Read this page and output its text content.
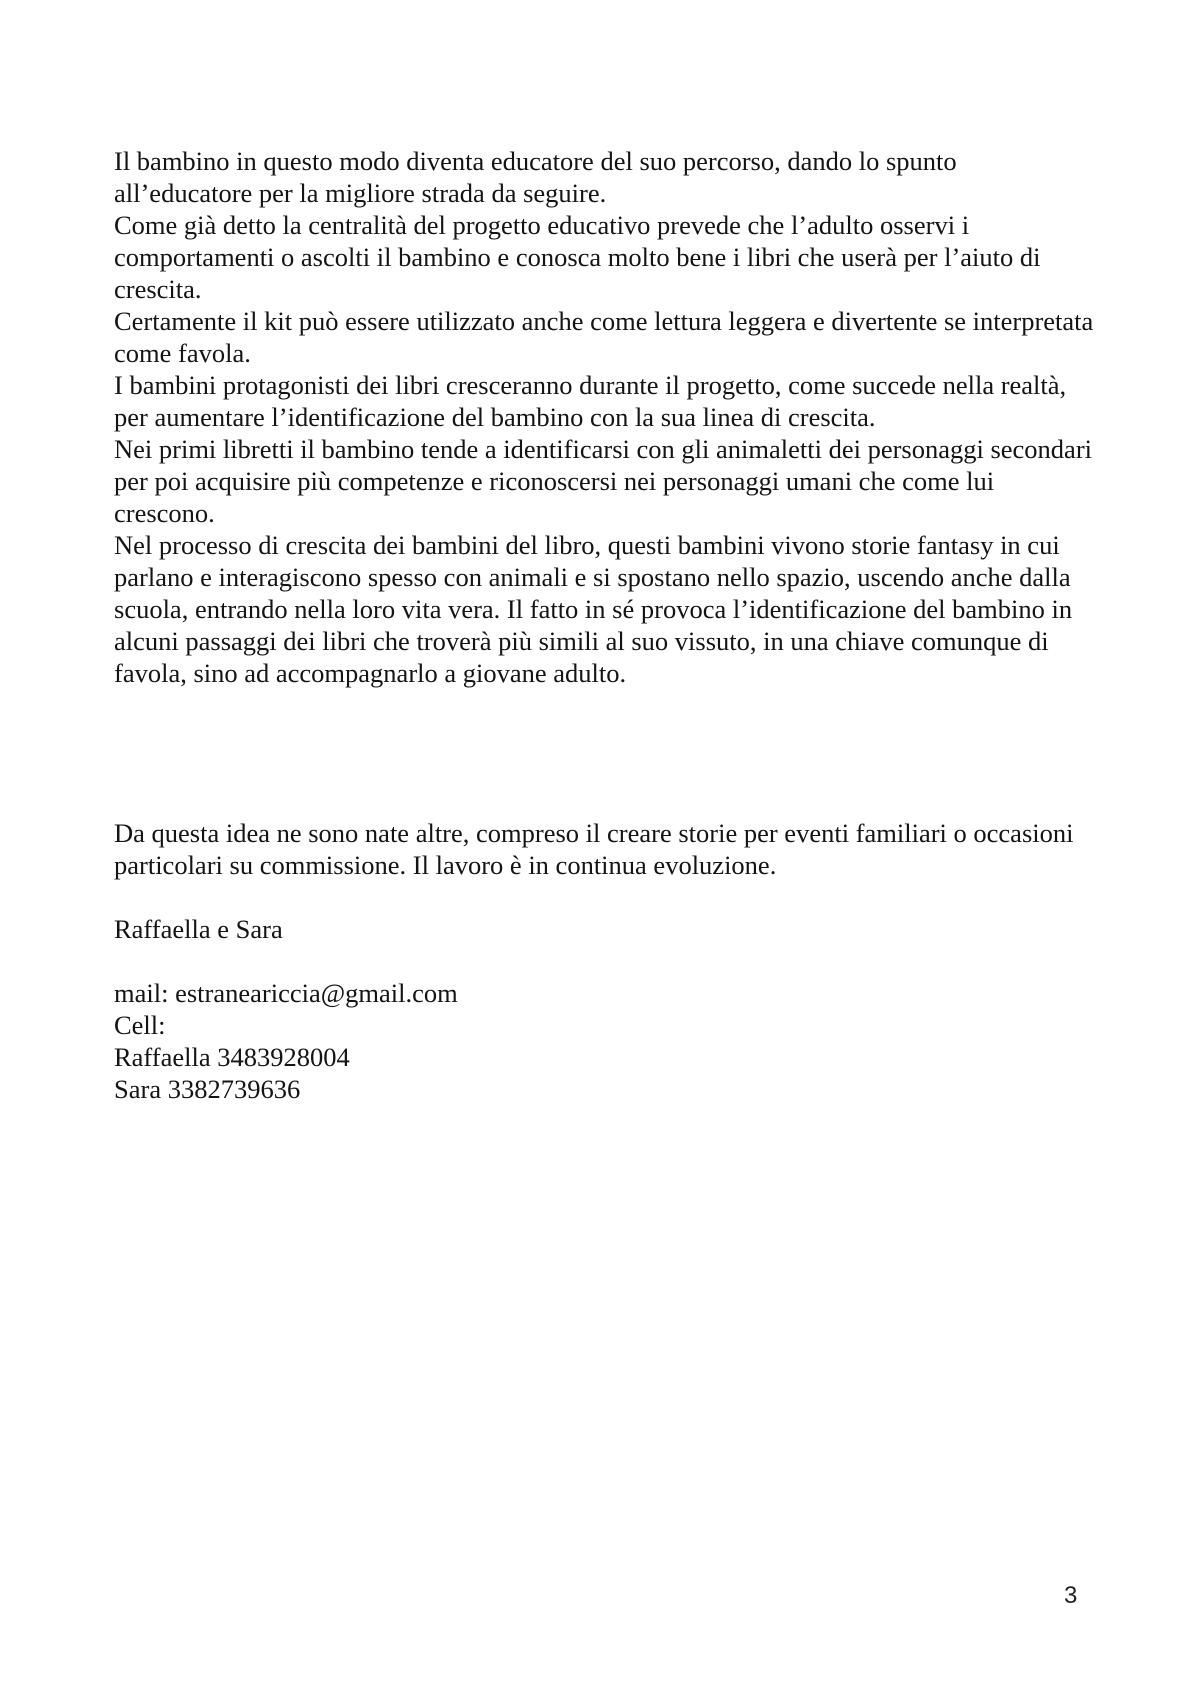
Il bambino in questo modo diventa educatore del suo percorso, dando lo spunto all’educatore per la migliore strada da seguire.

Come già detto la centralità del progetto educativo prevede che l’adulto osservi i comportamenti o ascolti il bambino e conosca molto bene i libri che userà per l’aiuto di crescita.

Certamente il kit può essere utilizzato anche come lettura leggera e divertente se interpretata come favola.

I bambini protagonisti dei libri cresceranno durante il progetto, come succede nella realtà, per aumentare l’identificazione del bambino con la sua linea di crescita.

Nei primi libretti il bambino tende a identificarsi con gli animaletti dei personaggi secondari per poi acquisire più competenze e riconoscersi nei personaggi umani che come lui crescono.

Nel processo di crescita dei bambini del libro, questi bambini vivono storie fantasy in cui parlano e interagiscono spesso con animali e si spostano nello spazio, uscendo anche dalla scuola, entrando nella loro vita vera. Il fatto in sé provoca l’identificazione del bambino in alcuni passaggi dei libri che troverà più simili al suo vissuto, in una chiave comunque di favola, sino ad accompagnarlo a giovane adulto.

Da questa idea ne sono nate altre, compreso il creare storie per eventi familiari o occasioni particolari su commissione. Il lavoro è in continua evoluzione.

Raffaella e Sara

mail: estraneariccia@gmail.com

Cell:

Raffaella 3483928004

Sara 3382739636

3
